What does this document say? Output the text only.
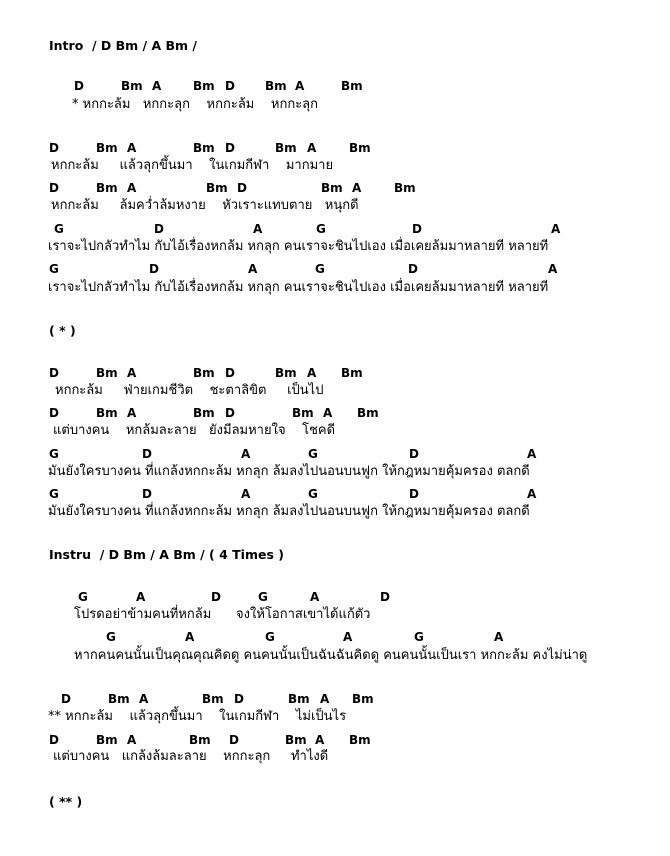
Intro  / D Bm / A Bm /
( * )
Instru  / D Bm / A Bm / ( 4 Times )
( ** )
D	Bm A	Bm D	Bm A	Bm
* หกกะล้ม   หกกะลุก    หกกะล้ม    หกกะลุก
D	Bm A	Bm D	Bm A	Bm
หกกะล้ม     แล้วลุกขึ้นมา    ในเกมกีฬา    มากมาย
D	Bm A	Bm D	Bm A	Bm
หกกะล้ม     ล้มคว่ำล้มหงาย    หัวเราะแทบตาย   หนุกดี
G	D	A	G	D	A
เราจะไปกลัวทำไม กับไอ้เรื่องหกล้ม หกลุก คนเราจะชินไปเอง เมื่อเคยล้มมาหลายที หลายที
G	D	A	G	D	A
เราจะไปกลัวทำไม กับไอ้เรื่องหกล้ม หกลุก คนเราจะชินไปเอง เมื่อเคยล้มมาหลายที หลายที
D	Bm A	Bm D	Bm A Bm
หกกะล้ม     ฟ่ายเกมชีวิต    ชะตาลิขิต     เป็นไป
D	Bm A	Bm D	Bm A Bm
แต่บางคน    หกล้มละลาย   ยังมีลมหายใจ    โชคดี
G	D	A	G	D	A
มันยังใครบางคน ที่แกล้งหกกะล้ม หกลุก ล้มลงไปนอนบนฟูก ให้กฎหมายคุ้มครอง ตลกดี
G	D	A	G	D	A
มันยังใครบางคน ที่แกล้งหกกะล้ม หกลุก ล้มลงไปนอนบนฟูก ให้กฎหมายคุ้มครอง ตลกดี
G	A	D	G	A	D
โปรดอย่าข้ามคนที่หกล้ม      จงให้โอกาสเขาได้แก้ตัว
G	A	G	A	G	A
หากคนคนนั้นเป็นคุณคุณคิดดู คนคนนั้นเป็นฉันฉันคิดดู คนคนนั้นเป็นเรา หกกะล้ม คงไม่น่าดู
D	Bm A	Bm D	Bm A Bm
** หกกะล้ม    แล้วลุกขึ้นมา    ในเกมกีฬา    ไม่เป็นไร
D	Bm A	Bm D	Bm A Bm
แต่บางคน   แกล้งล้มละลาย    หกกะลุก     ทำไงดี
